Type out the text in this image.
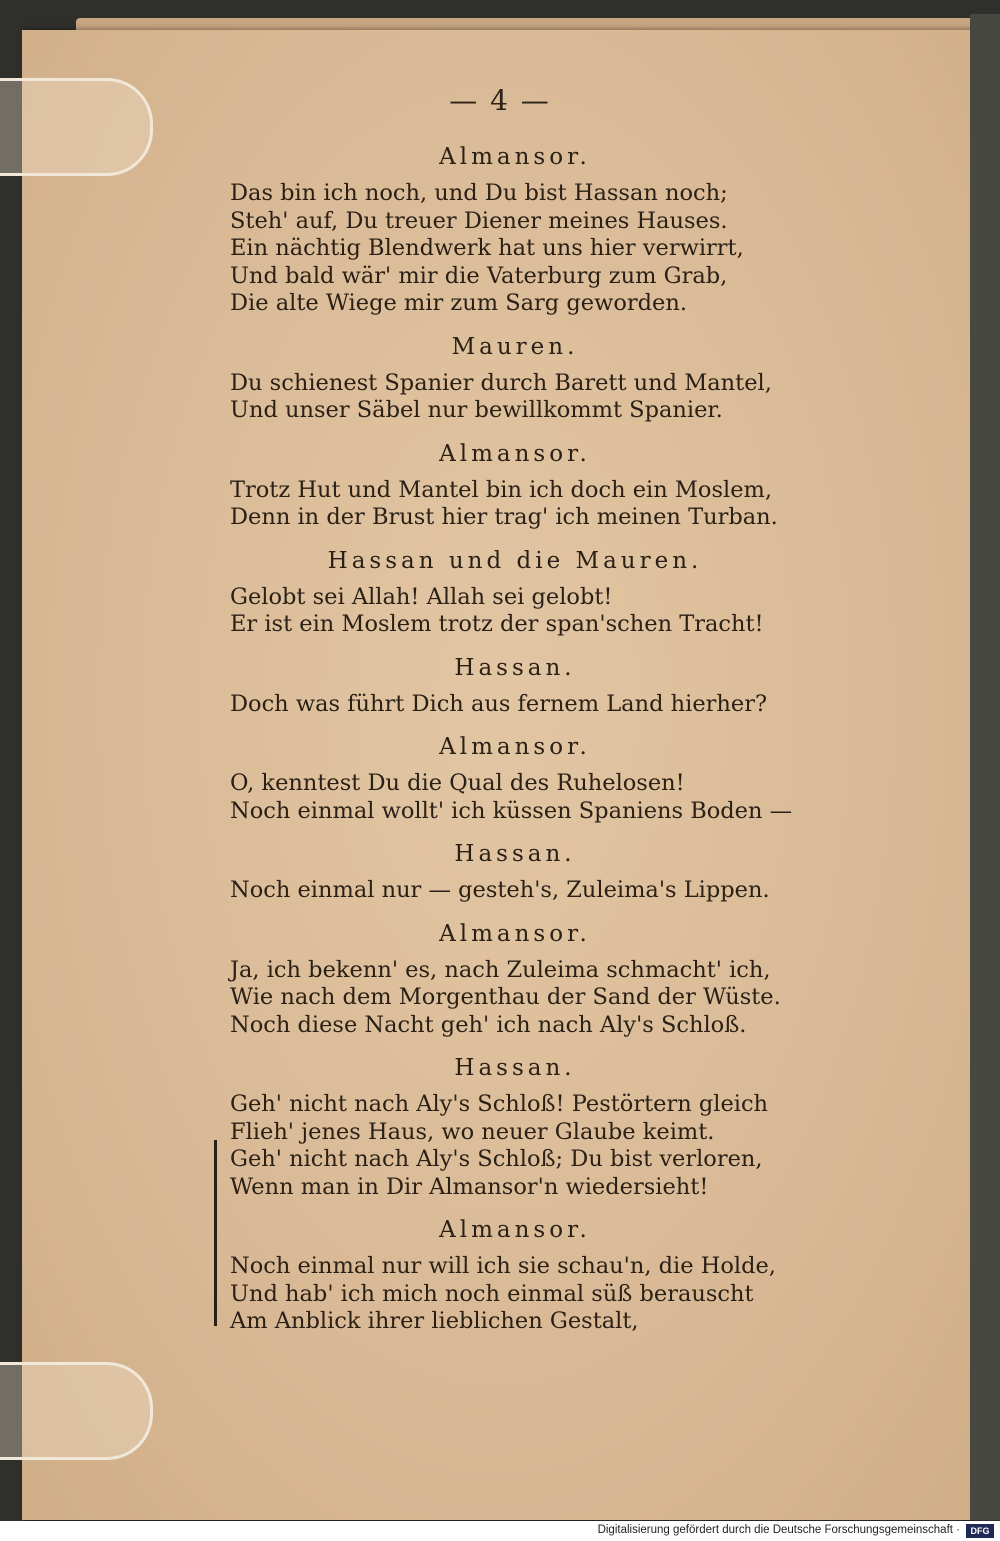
— 4 —
Almansor.
Das bin ich noch, und Du bist Hassan noch;
Steh' auf, Du treuer Diener meines Hauses.
Ein nächtig Blendwerk hat uns hier verwirrt,
Und bald wär' mir die Vaterburg zum Grab,
Die alte Wiege mir zum Sarg geworden.
Mauren.
Du schienest Spanier durch Barett und Mantel,
Und unser Säbel nur bewillkommt Spanier.
Almansor.
Trotz Hut und Mantel bin ich doch ein Moslem,
Denn in der Brust hier trag' ich meinen Turban.
Hassan und die Mauren.
Gelobt sei Allah! Allah sei gelobt!
Er ist ein Moslem trotz der span'schen Tracht!
Hassan.
Doch was führt Dich aus fernem Land hierher?
Almansor.
O, kenntest Du die Qual des Ruhelosen!
Noch einmal wollt' ich küssen Spaniens Boden —
Hassan.
Noch einmal nur — gesteh's, Zuleima's Lippen.
Almansor.
Ja, ich bekenn' es, nach Zuleima schmacht' ich,
Wie nach dem Morgenthau der Sand der Wüste.
Noch diese Nacht geh' ich nach Aly's Schloß.
Hassan.
Geh' nicht nach Aly's Schloß! Pestörtern gleich
Flieh' jenes Haus, wo neuer Glaube keimt.
Geh' nicht nach Aly's Schloß; Du bist verloren,
Wenn man in Dir Almansor'n wiedersieht!
Almansor.
Noch einmal nur will ich sie schau'n, die Holde,
Und hab' ich mich noch einmal süß berauscht
Am Anblick ihrer lieblichen Gestalt,
Digitalisierung gefördert durch die Deutsche Forschungsgemeinschaft ·	DFG
